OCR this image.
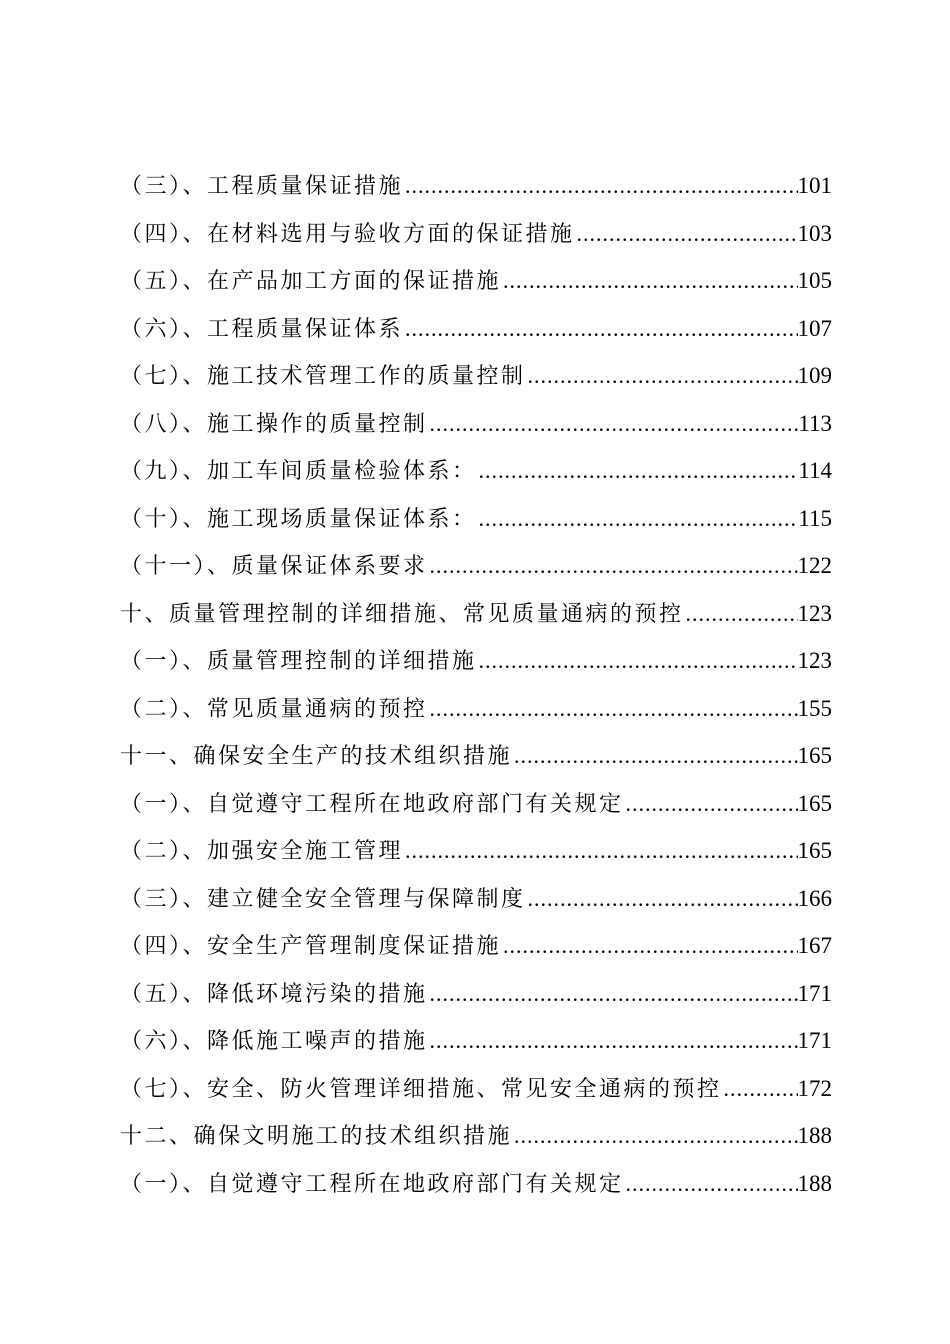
（三）、工程质量保证措施 .....	101
（四）、在材料选用与验收方面的保证措施 .....	103
（五）、在产品加工方面的保证措施 .....	105
（六）、工程质量保证体系 .....	107
（七）、施工技术管理工作的质量控制 .....	109
（八）、施工操作的质量控制 .....	113
（九）、加工车间质量检验体系： .....	114
（十）、施工现场质量保证体系： .....	115
（十一）、质量保证体系要求 .....	122
十、质量管理控制的详细措施、常见质量通病的预控 .....	123
（一）、质量管理控制的详细措施 .....	123
（二）、常见质量通病的预控 .....	155
十一、确保安全生产的技术组织措施 .....	165
（一）、自觉遵守工程所在地政府部门有关规定 .....	165
（二）、加强安全施工管理 .....	165
（三）、建立健全安全管理与保障制度 .....	166
（四）、安全生产管理制度保证措施 .....	167
（五）、降低环境污染的措施 .....	171
（六）、降低施工噪声的措施 .....	171
（七）、安全、防火管理详细措施、常见安全通病的预控 .....	172
十二、确保文明施工的技术组织措施 .....	188
（一）、自觉遵守工程所在地政府部门有关规定 .....	188
